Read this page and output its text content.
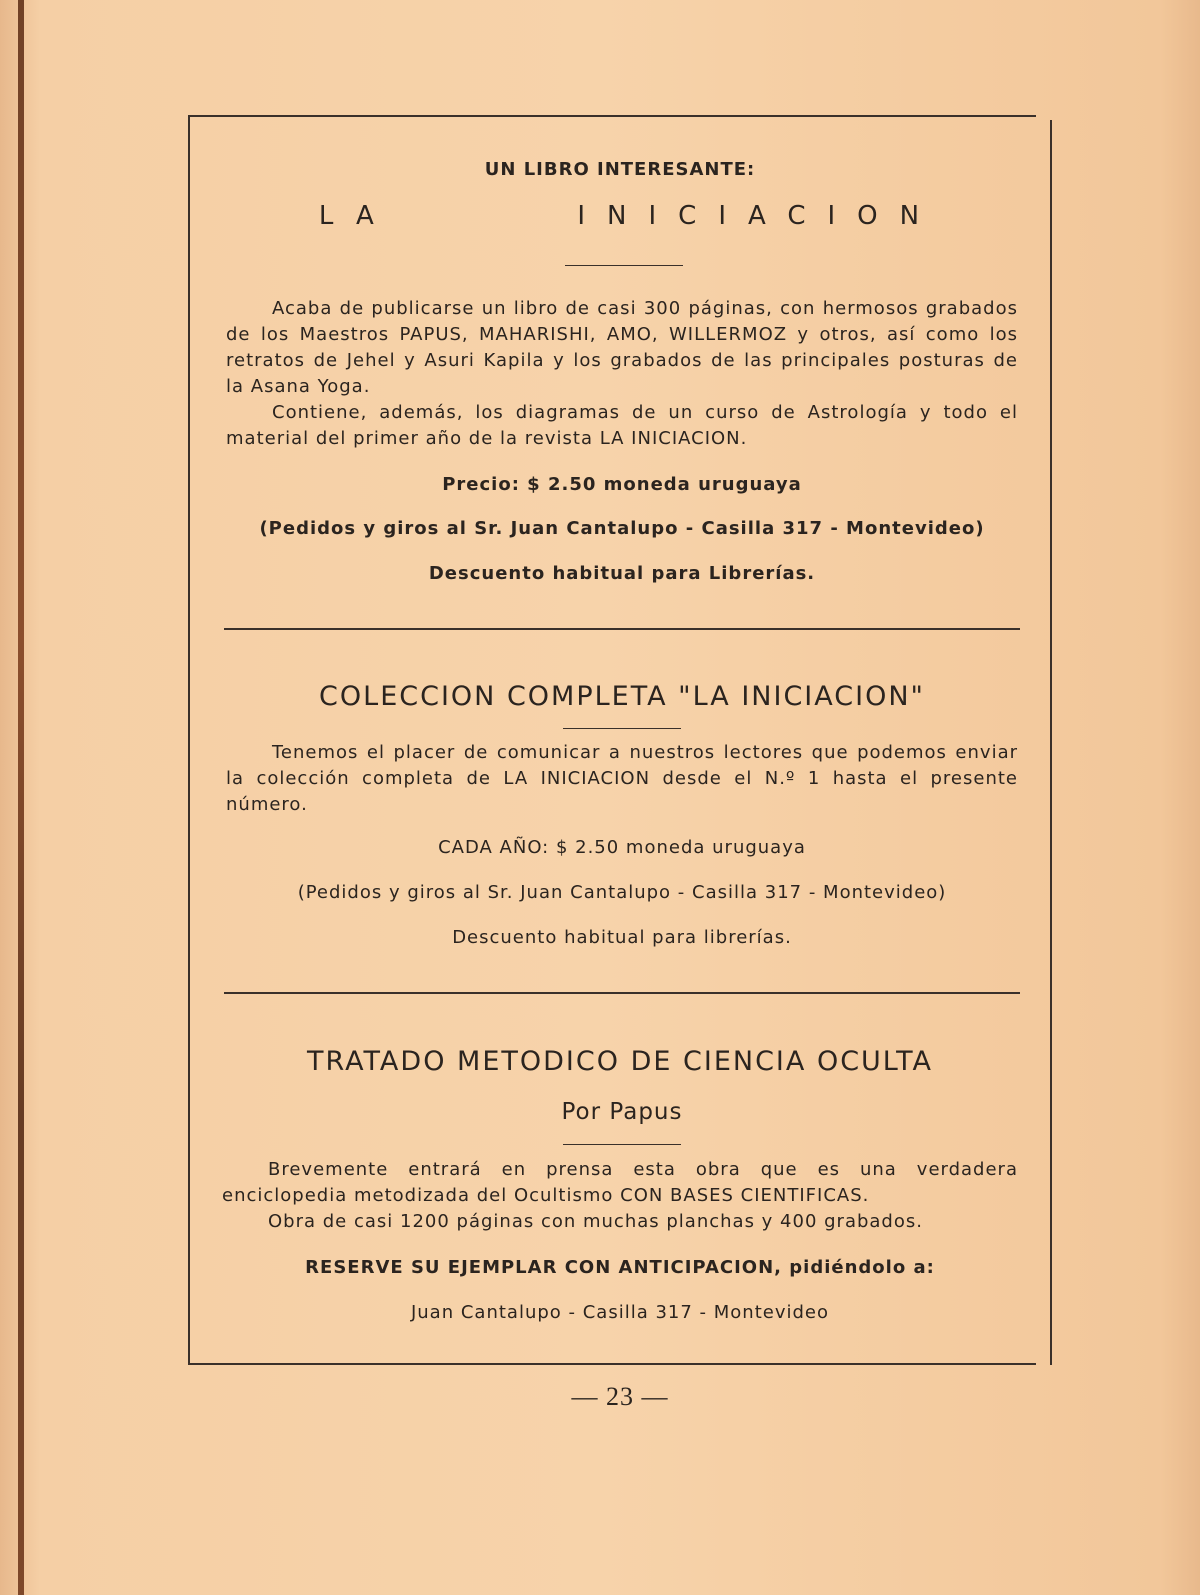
UN LIBRO INTERESANTE:

LA      INICIACION

Acaba de publicarse un libro de casi 300 páginas, con hermosos grabados de los Maestros PAPUS, MAHARISHI, AMO, WILLERMOZ y otros, así como los retratos de Jehel y Asuri Kapila y los grabados de las principales posturas de la Asana Yoga.

Contiene, además, los diagramas de un curso de Astrología y todo el material del primer año de la revista LA INICIACION.

Precio: $ 2.50 moneda uruguaya

(Pedidos y giros al Sr. Juan Cantalupo - Casilla 317 - Montevideo)

Descuento habitual para Librerías.

COLECCION COMPLETA "LA INICIACION"

Tenemos el placer de comunicar a nuestros lectores que podemos enviar la colección completa de LA INICIACION desde el N.º 1 hasta el presente número.

CADA AÑO: $ 2.50 moneda uruguaya

(Pedidos y giros al Sr. Juan Cantalupo - Casilla 317 - Montevideo)

Descuento habitual para librerías.

TRATADO METODICO DE CIENCIA OCULTA

Por Papus

Brevemente entrará en prensa esta obra que es una verdadera enciclopedia metodizada del Ocultismo CON BASES CIENTIFICAS.

Obra de casi 1200 páginas con muchas planchas y 400 grabados.

RESERVE SU EJEMPLAR CON ANTICIPACION, pidiéndolo a:

Juan Cantalupo - Casilla 317 - Montevideo

— 23 —
